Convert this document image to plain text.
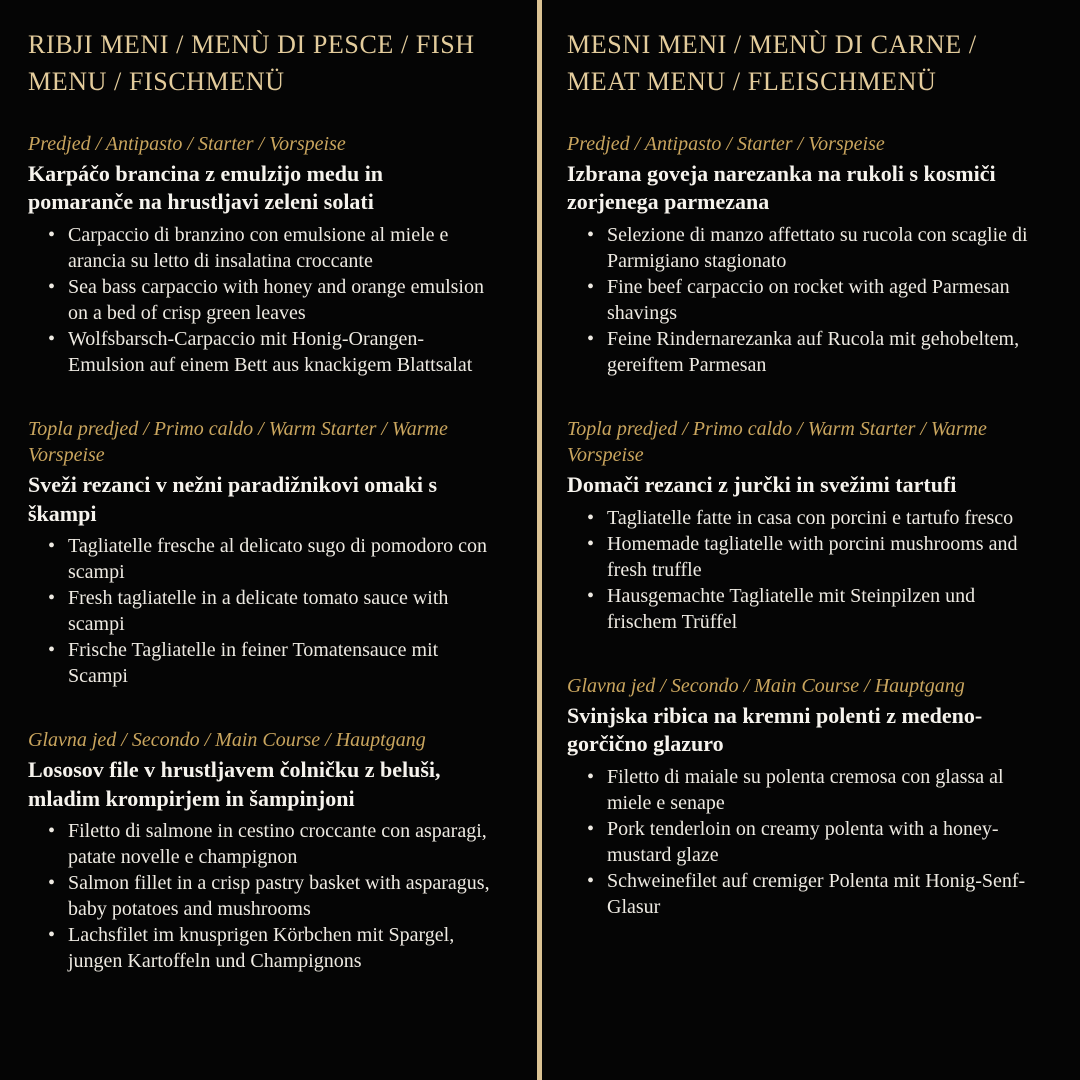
RIBJI MENI / MENÙ DI PESCE / FISH MENU / FISCHMENÜ
Predjed / Antipasto / Starter / Vorspeise
Karpáčo brancina z emulzijo medu in pomaranče na hrustljavi zeleni solati
• Carpaccio di branzino con emulsione al miele e arancia su letto di insalatina croccante
• Sea bass carpaccio with honey and orange emulsion on a bed of crisp green leaves
• Wolfsbarsch-Carpaccio mit Honig-Orangen-Emulsion auf einem Bett aus knackigem Blattsalat
Topla predjed / Primo caldo / Warm Starter / Warme Vorspeise
Sveži rezanci v nežni paradižnikovi omaki s škampi
• Tagliatelle fresche al delicato sugo di pomodoro con scampi
• Fresh tagliatelle in a delicate tomato sauce with scampi
• Frische Tagliatelle in feiner Tomatensauce mit Scampi
Glavna jed / Secondo / Main Course / Hauptgang
Lososov file v hrustljavem čolničku z beluši, mladim krompirjem in šampinjoni
• Filetto di salmone in cestino croccante con asparagi, patate novelle e champignon
• Salmon fillet in a crisp pastry basket with asparagus, baby potatoes and mushrooms
• Lachsfilet im knusprigen Körbchen mit Spargel, jungen Kartoffeln und Champignons
MESNI MENI / MENÙ DI CARNE / MEAT MENU / FLEISCHMENÜ
Predjed / Antipasto / Starter / Vorspeise
Izbrana goveja narezanka na rukoli s kosmiči zorjenega parmezana
• Selezione di manzo affettato su rucola con scaglie di Parmigiano stagionato
• Fine beef carpaccio on rocket with aged Parmesan shavings
• Feine Rindernarezanka auf Rucola mit gehobeltem, gereiftem Parmesan
Topla predjed / Primo caldo / Warm Starter / Warme Vorspeise
Domači rezanci z jurčki in svežimi tartufi
• Tagliatelle fatte in casa con porcini e tartufo fresco
• Homemade tagliatelle with porcini mushrooms and fresh truffle
• Hausgemachte Tagliatelle mit Steinpilzen und frischem Trüffel
Glavna jed / Secondo / Main Course / Hauptgang
Svinjska ribica na kremni polenti z medeno-gorčično glazuro
• Filetto di maiale su polenta cremosa con glassa al miele e senape
• Pork tenderloin on creamy polenta with a honey-mustard glaze
• Schweinefilet auf cremiger Polenta mit Honig-Senf-Glasur
